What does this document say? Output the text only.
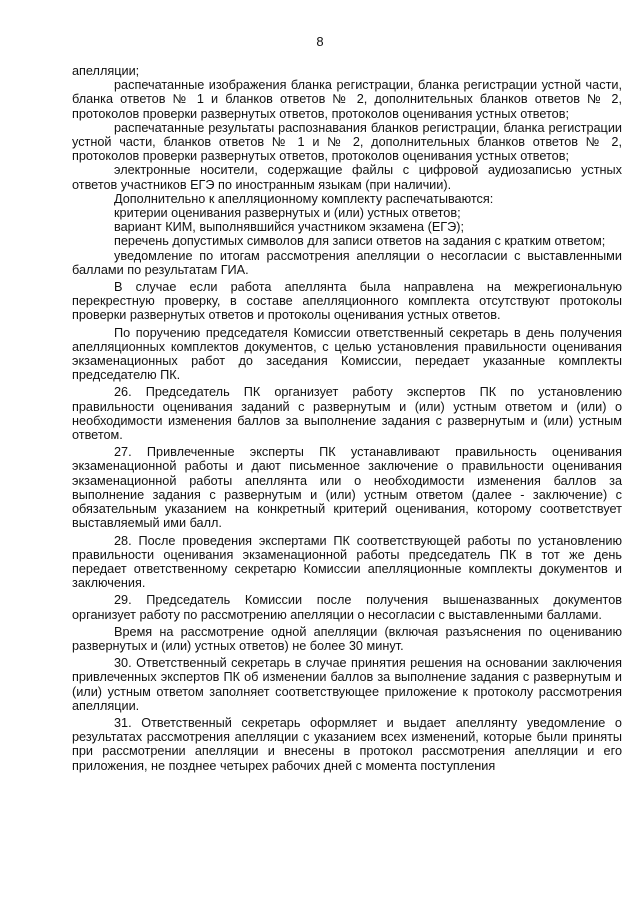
8

апелляции;

распечатанные изображения бланка регистрации, бланка регистрации устной части, бланка ответов № 1 и бланков ответов № 2, дополнительных бланков ответов № 2, протоколов проверки развернутых ответов, протоколов оценивания устных ответов;

распечатанные результаты распознавания бланков регистрации, бланка регистрации устной части, бланков ответов № 1 и № 2, дополнительных бланков ответов № 2, протоколов проверки развернутых ответов, протоколов оценивания устных ответов;

электронные носители, содержащие файлы с цифровой аудиозаписью устных ответов участников ЕГЭ по иностранным языкам (при наличии).

Дополнительно к апелляционному комплекту распечатываются:

критерии оценивания развернутых и (или) устных ответов;

вариант КИМ, выполнявшийся участником экзамена (ЕГЭ);

перечень допустимых символов для записи ответов на задания с кратким ответом;

уведомление по итогам рассмотрения апелляции о несогласии с выставленными баллами по результатам ГИА.

В случае если работа апеллянта была направлена на межрегиональную перекрестную проверку, в составе апелляционного комплекта отсутствуют протоколы проверки развернутых ответов и протоколы оценивания устных ответов.

По поручению председателя Комиссии ответственный секретарь в день получения апелляционных комплектов документов, с целью установления правильности оценивания экзаменационных работ до заседания Комиссии, передает указанные комплекты председателю ПК.

26. Председатель ПК организует работу экспертов ПК по установлению правильности оценивания заданий с развернутым и (или) устным ответом и (или) о необходимости изменения баллов за выполнение задания с развернутым и (или) устным ответом.

27. Привлеченные эксперты ПК устанавливают правильность оценивания экзаменационной работы и дают письменное заключение о правильности оценивания экзаменационной работы апеллянта или о необходимости изменения баллов за выполнение задания с развернутым и (или) устным ответом (далее - заключение) с обязательным указанием на конкретный критерий оценивания, которому соответствует выставляемый ими балл.

28. После проведения экспертами ПК соответствующей работы по установлению правильности оценивания экзаменационной работы председатель ПК в тот же день передает ответственному секретарю Комиссии апелляционные комплекты документов и заключения.

29. Председатель Комиссии после получения вышеназванных документов организует работу по рассмотрению апелляции о несогласии с выставленными баллами.

Время на рассмотрение одной апелляции (включая разъяснения по оцениванию развернутых и (или) устных ответов) не более 30 минут.

30. Ответственный секретарь в случае принятия решения на основании заключения привлеченных экспертов ПК об изменении баллов за выполнение задания с развернутым и (или) устным ответом заполняет соответствующее приложение к протоколу рассмотрения апелляции.

31. Ответственный секретарь оформляет и выдает апеллянту уведомление о результатах рассмотрения апелляции с указанием всех изменений, которые были приняты при рассмотрении апелляции и внесены в протокол рассмотрения апелляции и его приложения, не позднее четырех рабочих дней с момента поступления
